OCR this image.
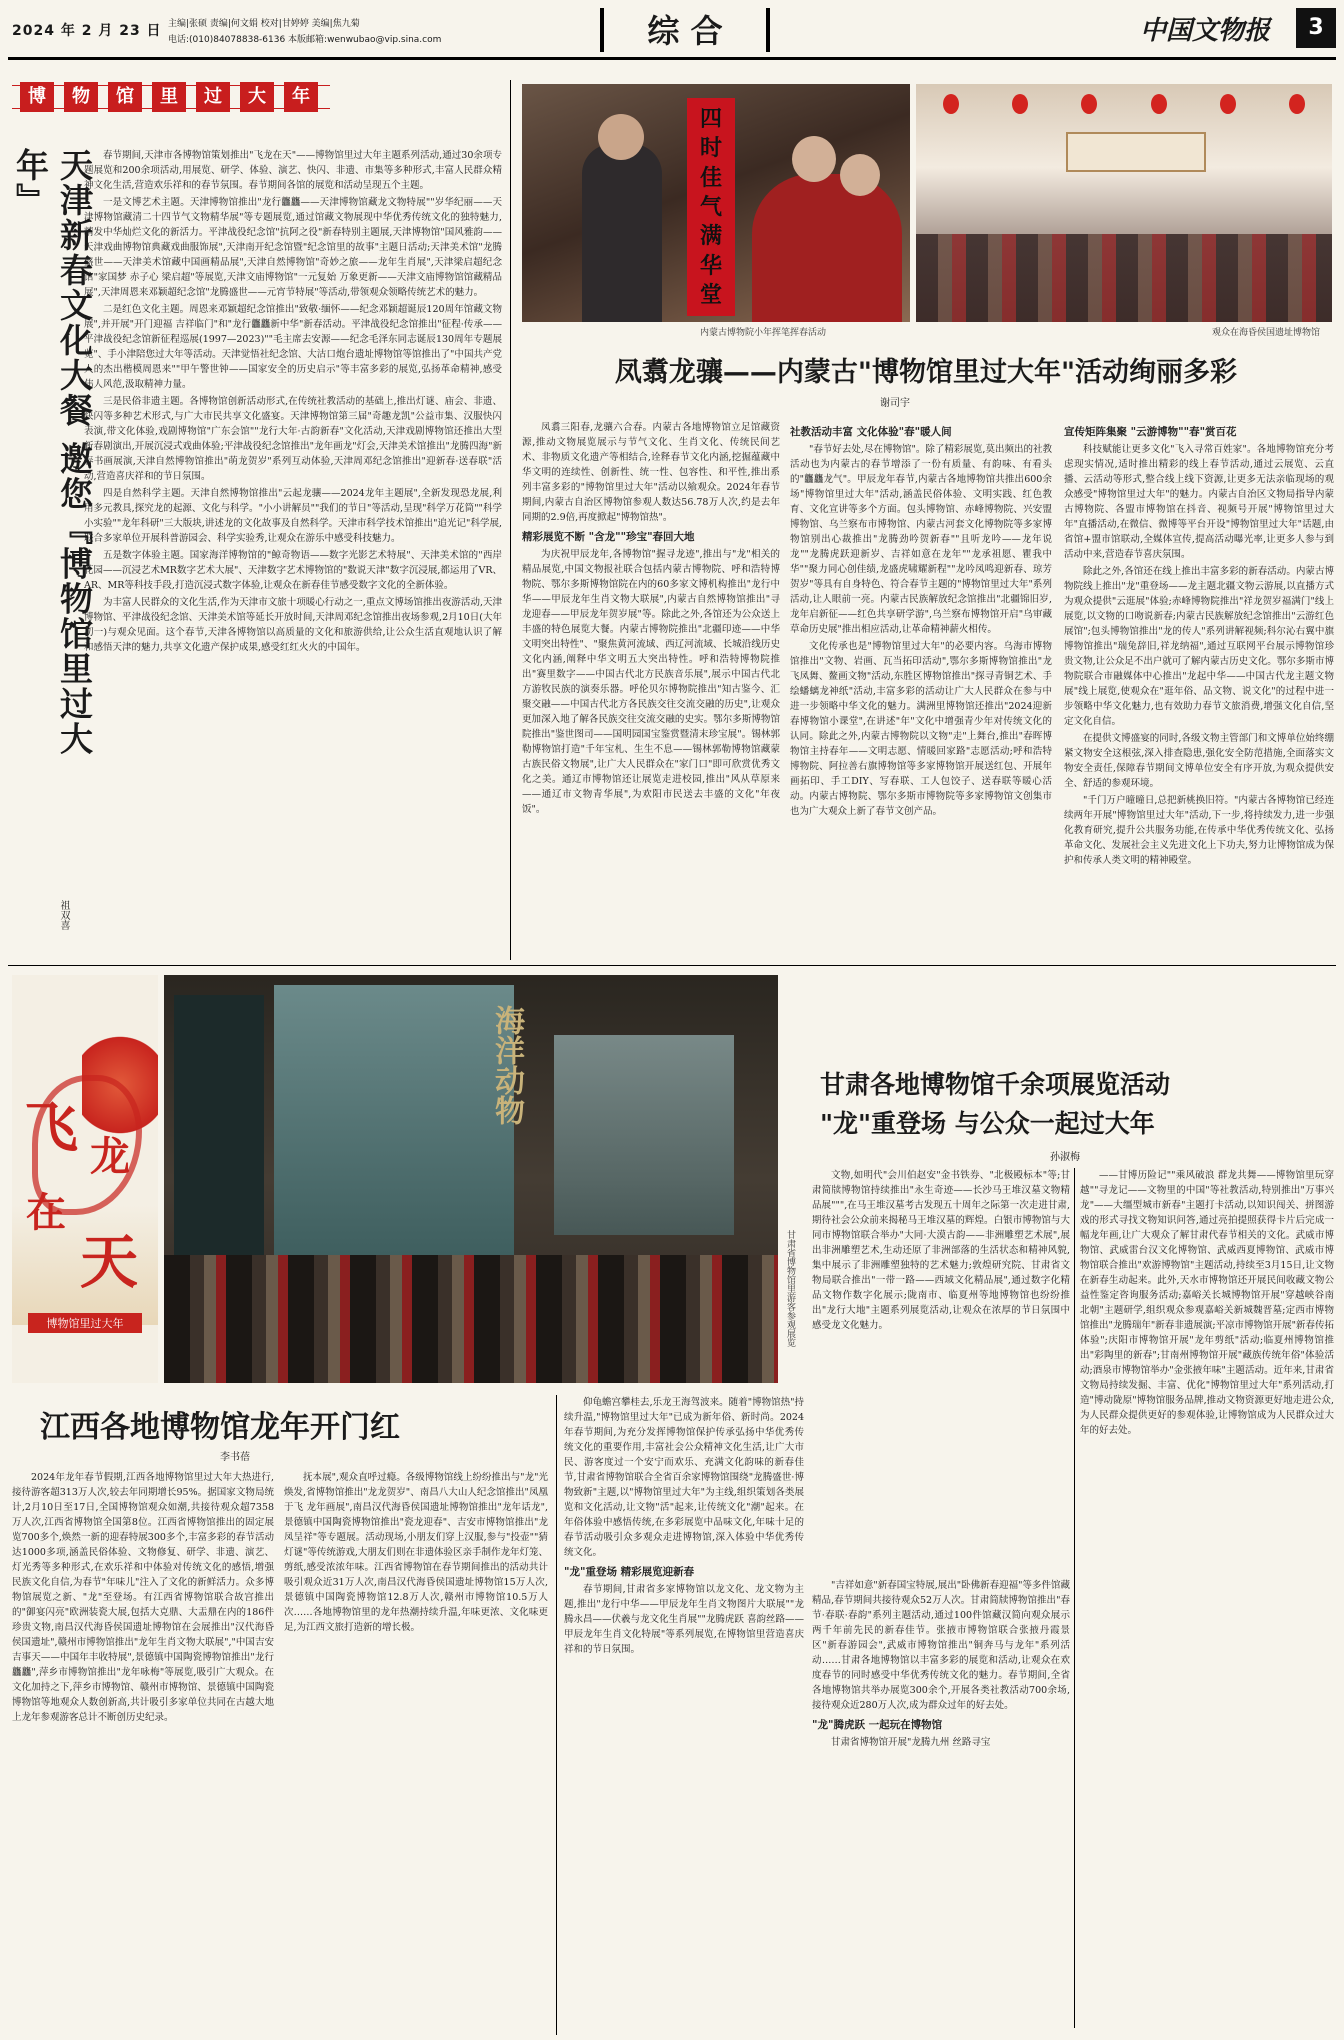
2024 年 2 月 23 日 主编|张硕 责编|何文娟 校对|甘婷婷 美编|焦九菊
电话:(010)84078838-6136 本版邮箱:wenwubao@vip.sina.com	综 合	中国文物报	3
博	物	馆	里	过	大	年
天津新春文化大餐 邀您『博物馆里过大年』
祖双喜

春节期间,天津市各博物馆策划推出"飞龙在天"——博物馆里过大年主题系列活动,通过30余项专题展览和200余项活动,用展览、研学、体验、演艺、快闪、非遗、市集等多种形式,丰富人民群众精神文化生活,营造欢乐祥和的春节氛围。春节期间各馆的展览和活动呈现五个主题。

一是文博艺术主题。天津博物馆推出"龙行龘龘——天津博物馆藏龙文物特展""岁华纪丽——天津博物馆藏清二十四节气文物精华展"等专题展览,通过馆藏文物展现中华优秀传统文化的独特魅力,精发中华灿烂文化的新活力。平津战役纪念馆"抗阿之役"新春特别主题展,天津博物馆"国风雅韵——天津戏曲博物馆典藏戏曲服饰展",天津南开纪念馆暨"纪念馆里的故事"主题日活动;天津美术馆"龙腾盛世——天津美术馆藏中国画精品展",天津自然博物馆"奇妙之旅——龙年生肖展",天津梁启超纪念馆"家国梦 赤子心 梁启超"等展览,天津文庙博物馆"一元复始 万象更新——天津文庙博物馆馆藏精品展",天津周恩来邓颖超纪念馆"龙腾盛世——元宵节特展"等活动,带领观众领略传统艺术的魅力。

二是红色文化主题。周恩来邓颖超纪念馆推出"致敬·缅怀——纪念邓颖超诞辰120周年馆藏文物展",并开展"开门迎福 吉祥临门"和"龙行龘龘新中华"新春活动。平津战役纪念馆推出"征程·传承——平津战役纪念馆新征程巡展(1997—2023)""毛主席去安源——纪念毛泽东同志诞辰130周年专题展览"、手小津陪您过大年等活动。天津觉悟社纪念馆、大沽口炮台遗址博物馆等馆推出了"中国共产党人的杰出楷模周恩来""甲午警世钟——国家安全的历史启示"等丰富多彩的展览,弘扬革命精神,感受伟人风范,汲取精神力量。

三是民俗非遗主题。各博物馆创新活动形式,在传统社教活动的基础上,推出灯谜、庙会、非遗、快闪等多种艺术形式,与广大市民共享文化盛宴。天津博物馆第三届"奇趣龙凯"公益市集、汉服快闪表演,带文化体验,戏剧博物馆"广东会馆""龙行大年·古韵新春"文化活动,天津戏剧博物馆还推出大型新春剧演出,开展沉浸式戏曲体验;平津战役纪念馆推出"龙年画龙"灯会,天津美术馆推出"龙腾四海"新春书画展演,天津自然博物馆推出"萌龙贺岁"系列互动体验,天津周邓纪念馆推出"迎新春·送春联"活动,营造喜庆祥和的节日氛围。

四是自然科学主题。天津自然博物馆推出"云起龙骧——2024龙年主题展",全新发现恐龙展,利用多元教具,探究龙的起源、文化与科学。"小小讲解员""我们的节日"等活动,呈现"科学万花筒""科学小实验""龙年科研"三大版块,讲述龙的文化故事及自然科学。天津市科学技术馆推出"追光记"科学展,联合多家单位开展科普游园会、科学实验秀,让观众在游乐中感受科技魅力。

五是数字体验主题。国家海洋博物馆的"鲸奇物语——数字光影艺术特展"、天津美术馆的"西岸花园——沉浸艺术MR数字艺术大展"、天津数字艺术博物馆的"数说天津"数字沉浸展,都运用了VR、AR、MR等科技手段,打造沉浸式数字体验,让观众在新春佳节感受数字文化的全新体验。

为丰富人民群众的文化生活,作为天津市文旅十项暖心行动之一,重点文博场馆推出夜游活动,天津博物馆、平津战役纪念馆、天津美术馆等延长开放时间,天津周邓纪念馆推出夜场参观,2月10日(大年初一)与观众见面。这个春节,天津各博物馆以高质量的文化和旅游供给,让公众生活直观地认识了解和感悟天津的魅力,共享文化遗产保护成果,感受红红火火的中国年。

四
时
佳
气
满
华
堂
内蒙古博物院小年挥笔挥春活动	观众在海昏侯国遗址博物馆
凤翥龙骧——内蒙古"博物馆里过大年"活动绚丽多彩
谢司宇

凤翥三阳春,龙骧六合春。内蒙古各地博物馆立足馆藏资源,推动文物展览展示与节气文化、生肖文化、传统民间艺术、非物质文化遗产等相结合,诠释春节文化内涵,挖掘蕴藏中华文明的连续性、创新性、统一性、包容性、和平性,推出系列丰富多彩的"博物馆里过大年"活动以飨观众。2024年春节期间,内蒙古自治区博物馆参观人数达56.78万人次,约是去年同期的2.9倍,再度掀起"博物馆热"。

精彩展览不断 "含龙""珍宝"春回大地

为庆祝甲辰龙年,各博物馆"握寻龙迹",推出与"龙"相关的精品展览,中国文物报社联合包括内蒙古博物院、呼和浩特博物院、鄂尔多斯博物馆院在内的60多家文博机构推出"龙行中华——甲辰龙年生肖文物大联展",内蒙古自然博物馆推出"寻龙迎春——甲辰龙年贺岁展"等。除此之外,各馆还为公众送上丰盛的特色展览大餐。内蒙古博物院推出"北疆印迹——中华文明突出特性"、"聚焦黄河流域、西辽河流域、长城沿线历史文化内涵,阐释中华文明五大突出特性。呼和浩特博物院推出"赛里数字——中国古代北方民族音乐展",展示中国古代北方游牧民族的演奏乐器。呼伦贝尔博物院推出"知古鉴今、汇聚交融——中国古代北方各民族交往交流交融的历史",让观众更加深入地了解各民族交往交流交融的史实。鄂尔多斯博物馆院推出"鉴世图司——国明园国宝鉴赏暨清末珍宝展"。锡林郭勒博物馆打造"千年宝札、生生不息——锡林郭勒博物馆藏蒙古族民俗文物展",让广大人民群众在"家门口"即可欣赏优秀文化之美。通辽市博物馆还让展览走进校园,推出"风从草原来——通辽市文物青华展",为欢阳市民送去丰盛的文化"年夜饭"。

社教活动丰富 文化体验"春"暖人间

"春节好去处,尽在博物馆"。除了精彩展览,莫出频出的社教活动也为内蒙古的春节增添了一份有质量、有韵味、有看头的"龘龘龙气"。甲辰龙年春节,内蒙古各地博物馆共推出600余场"博物馆里过大年"活动,涵盖民俗体验、文明实践、红色教育、文化宣讲等多个方面。包头博物馆、赤峰博物院、兴安盟博物馆、乌兰察布市博物馆、内蒙古河套文化博物院等多家博物馆别出心裁推出"龙腾劲吟贺新春""且听龙吟——龙年说龙""龙腾虎跃迎新岁、吉祥如意在龙年""龙承祖愿、瞿我中华""聚力同心创佳绩,龙盛虎啸耀新程""龙吟凤鸣迎新春、琼芳贺岁"等具有自身特色、符合春节主题的"博物馆里过大年"系列活动,让人眼前一亮。内蒙古民族解放纪念馆推出"北疆锦旧岁,龙年启新征——红色共享研学游",乌兰察布博物馆开启"乌审藏草命历史展"推出相应活动,让革命精神薪火相传。

文化传承也是"博物馆里过大年"的必要内容。乌海市博物馆推出"文物、岩画、瓦当拓印活动",鄂尔多斯博物馆推出"龙飞凤舞、鳌画文物"活动,东胜区博物馆推出"探寻青铜艺术、手绘蟠螭龙神纸"活动,丰富多彩的活动让广大人民群众在参与中进一步领略中华文化的魅力。满洲里博物馆还推出"2024迎新春博物馆小课堂",在讲述"年"文化中增强青少年对传统文化的认同。除此之外,内蒙古博物院以文物"走"上舞台,推出"春晖博物馆主持春年——文明志愿、情暖回家路"志愿活动;呼和浩特博物院、阿拉善右旗博物馆等多家博物馆开展送红包、开展年画拓印、手工DIY、写春联、工人包饺子、送春联等暖心活动。内蒙古博物院、鄂尔多斯市博物院等多家博物馆文创集市也为广大观众上新了春节文创产品。

宣传矩阵集聚 "云游博物""春"赏百花

科技赋能让更多文化"飞入寻常百姓家"。各地博物馆充分考虑现实情况,适时推出精彩的线上春节活动,通过云展览、云直播、云活动等形式,整合线上线下资源,让更多无法亲临现场的观众感受"博物馆里过大年"的魅力。内蒙古自治区文物局指导内蒙古博物院、各盟市博物馆在抖音、视频号开展"博物馆里过大年"直播活动,在微信、微博等平台开设"博物馆里过大年"话题,由省馆+盟市馆联动,全媒体宣传,提高活动曝光率,让更多人参与到活动中来,营造春节喜庆氛围。

除此之外,各馆还在线上推出丰富多彩的新春活动。内蒙古博物院线上推出"龙"重登场——龙主题北疆文物云游展,以直播方式为观众提供"云逛展"体验;赤峰博物院推出"祥龙贺岁福满门"线上展览,以文物的口吻说新春;内蒙古民族解放纪念馆推出"云游红色展馆";包头博物馆推出"龙的传人"系列讲解视频;科尔沁右翼中旗博物馆推出"瑞兔辞旧,祥龙纳福",通过互联网平台展示博物馆珍贵文物,让公众足不出户就可了解内蒙古历史文化。鄂尔多斯市博物院联合市融媒体中心推出"龙起中华——中国古代龙主题文物展"线上展览,使观众在"逛年俗、品文物、说文化"的过程中进一步领略中华文化魅力,也有效助力春节文旅消费,增强文化自信,坚定文化自信。

在提供文博盛宴的同时,各级文物主管部门和文博单位始终绷紧文物安全这根弦,深入排查隐患,强化安全防范措施,全面落实文物安全责任,保障春节期间文博单位安全有序开放,为观众提供安全、舒适的参观环境。

"千门万户曈曈日,总把新桃换旧符。"内蒙古各博物馆已经连续两年开展"博物馆里过大年"活动,下一步,将持续发力,进一步强化教育研究,提升公共服务功能,在传承中华优秀传统文化、弘扬革命文化、发展社会主义先进文化上下功夫,努力让博物馆成为保护和传承人类文明的精神殿堂。

飞 龙
在
天
博物馆里过大年
海洋动物
甘肃省博物馆里游客参观展览
甘肃各地博物馆千余项展览活动
"龙"重登场 与公众一起过大年
孙淑梅

文物,如明代"会川伯赵安"金书铁券、"北极殿标本"等;甘肃简牍博物馆持续推出"永生奇迹——长沙马王堆汉墓文物精品展""",在马王堆汉墓考古发现五十周年之际第一次走进甘肃,期待社会公众前来揭秘马王堆汉墓的辉煌。白银市博物馆与大同市博物馆联合举办"大同·大漠古韵——非洲雕塑艺术展",展出非洲雕塑艺术,生动还原了非洲部落的生活状态和精神风貌,集中展示了非洲雕塑独特的艺术魅力;敦煌研究院、甘肃省文物局联合推出"一带一路——西域文化精品展",通过数字化精品文物作数字化展示;陇南市、临夏州等地博物馆也纷纷推出"龙行大地"主题系列展览活动,让观众在浓厚的节日氛围中感受龙文化魅力。

——甘博历险记""乘风破浪 群龙共舞——博物馆里玩穿越""寻龙记——文物里的中国"等社教活动,特别推出"万事兴 龙"——大缰型城市新春"主题打卡活动,以知识闯关、拼图游戏的形式寻找文物知识问答,通过亮拍提照获得卡片后完成一幅龙年画,让广大观众了解甘肃代春节相关的文化。武威市博物馆、武威雷台汉文化博物馆、武威西夏博物馆、武威市博物馆联合推出"欢游博物馆"主题活动,持续至3月15日,让文物在新春生动起来。此外,天水市博物馆还开展民间收藏文物公益性鉴定咨询服务活动;嘉峪关长城博物馆开展"穿越峡谷南北朝"主题研学,组织观众参观嘉峪关新城魏晋墓;定西市博物馆推出"龙腾瑞年"新春非遗展演;平凉市博物馆开展"新春传拓体验";庆阳市博物馆开展"龙年剪纸"活动;临夏州博物馆推出"彩陶里的新春";甘南州博物馆开展"藏族传统年俗"体验活动;酒泉市博物馆举办"金张掖年味"主题活动。近年来,甘肃省文物局持续发掘、丰富、优化"博物馆里过大年"系列活动,打造"博动陇原"博物馆服务品牌,推动文物资源更好地走进公众,为人民群众提供更好的参观体验,让博物馆成为人民群众过大年的好去处。

江西各地博物馆龙年开门红
李书蓓

2024年龙年春节假期,江西各地博物馆里过大年大热进行,接待游客超313万人次,较去年同期增长95%。据国家文物局统计,2月10日至17日,全国博物馆观众如潮,共接待观众超7358万人次,江西省博物馆全国第8位。江西省博物馆推出的固定展览700多个,焕然一新的迎春特展300多个,丰富多彩的春节活动达1000多项,涵盖民俗体验、文物修复、研学、非遗、演艺、灯光秀等多种形式,在欢乐祥和中体验对传统文化的感悟,增强民族文化自信,为春节"年味儿"注入了文化的新鲜活力。众多博物馆展览之新、"龙"至登场。有江西省博物馆联合故宫推出的"御宴闪亮"欧洲装瓷大展,包括大克鼎、大盂鼎在内的186件珍贵文物,南昌汉代海昏侯国遗址博物馆在会展推出"汉代海昏侯国遗址",赣州市博物馆推出"龙年生肖文物大联展","中国吉安吉事天——中国年丰收特展",景德镇中国陶瓷博物馆推出"龙行龘龘",萍乡市博物馆推出"龙年咏梅"等展览,吸引广大观众。在文化加持之下,萍乡市博物馆、赣州市博物馆、景德镇中国陶瓷博物馆等地观众人数创新高,共计吸引多家单位共同在古越大地上龙年参观游客总计不断创历史纪录。

抚本展",观众直呼过瘾。各级博物馆线上纷纷推出与"龙"光焕发,省博物馆推出"龙龙贺岁"、南昌八大山人纪念馆推出"凤凰于飞 龙年画展",南昌汉代海昏侯国遗址博物馆推出"龙年话龙",景德镇中国陶瓷博物馆推出"瓷龙迎春"、吉安市博物馆推出"龙凤呈祥"等专题展。活动现场,小朋友们穿上汉服,参与"投壶""猜灯谜"等传统游戏,大朋友们则在非遗体验区亲手制作龙年灯笼、剪纸,感受浓浓年味。江西省博物馆在春节期间推出的活动共计吸引观众近31万人次,南昌汉代海昏侯国遗址博物馆15万人次,景德镇中国陶瓷博物馆12.8万人次,赣州市博物馆10.5万人次……各地博物馆里的龙年热潮持续升温,年味更浓、文化味更足,为江西文旅打造新的增长极。

仰龟蟾宫攀桂去,乐龙王海驾波来。随着"博物馆热"持续升温,"博物馆里过大年"已成为新年俗、新时尚。2024年春节期间,为充分发挥博物馆保护传承弘扬中华优秀传统文化的重要作用,丰富社会公众精神文化生活,让广大市民、游客度过一个安宁而欢乐、充满文化韵味的新春佳节,甘肃省博物馆联合全省百余家博物馆围绕"龙腾盛世·博物致新"主题,以"博物馆里过大年"为主线,组织策划各类展览和文化活动,让文物"活"起来,让传统文化"潮"起来。在年俗体验中感悟传统,在多彩展览中品味文化,年味十足的春节活动吸引众多观众走进博物馆,深入体验中华优秀传统文化。

"龙"重登场 精彩展览迎新春

春节期间,甘肃省多家博物馆以龙文化、龙文物为主题,推出"龙行中华——甲辰龙年生肖文物图片大联展""龙腾永昌——伏羲与龙文化生肖展""龙腾虎跃 喜韵丝路——甲辰龙年生肖文化特展"等系列展览,在博物馆里营造喜庆祥和的节日氛围。

"吉祥如意"新春国宝特展,展出"卧佛新春迎福"等多件馆藏精品,春节期间共接待观众52万人次。甘肃简牍博物馆推出"春节·春联·春韵"系列主题活动,通过100件馆藏汉简向观众展示两千年前先民的新春佳节。张掖市博物馆联合张掖丹霞景区"新春游园会",武威市博物馆推出"铜奔马与龙年"系列活动……甘肃各地博物馆以丰富多彩的展览和活动,让观众在欢度春节的同时感受中华优秀传统文化的魅力。春节期间,全省各地博物馆共举办展览300余个,开展各类社教活动700余场,接待观众近280万人次,成为群众过年的好去处。

"龙"腾虎跃 一起玩在博物馆

甘肃省博物馆开展"龙腾九州 丝路寻宝
